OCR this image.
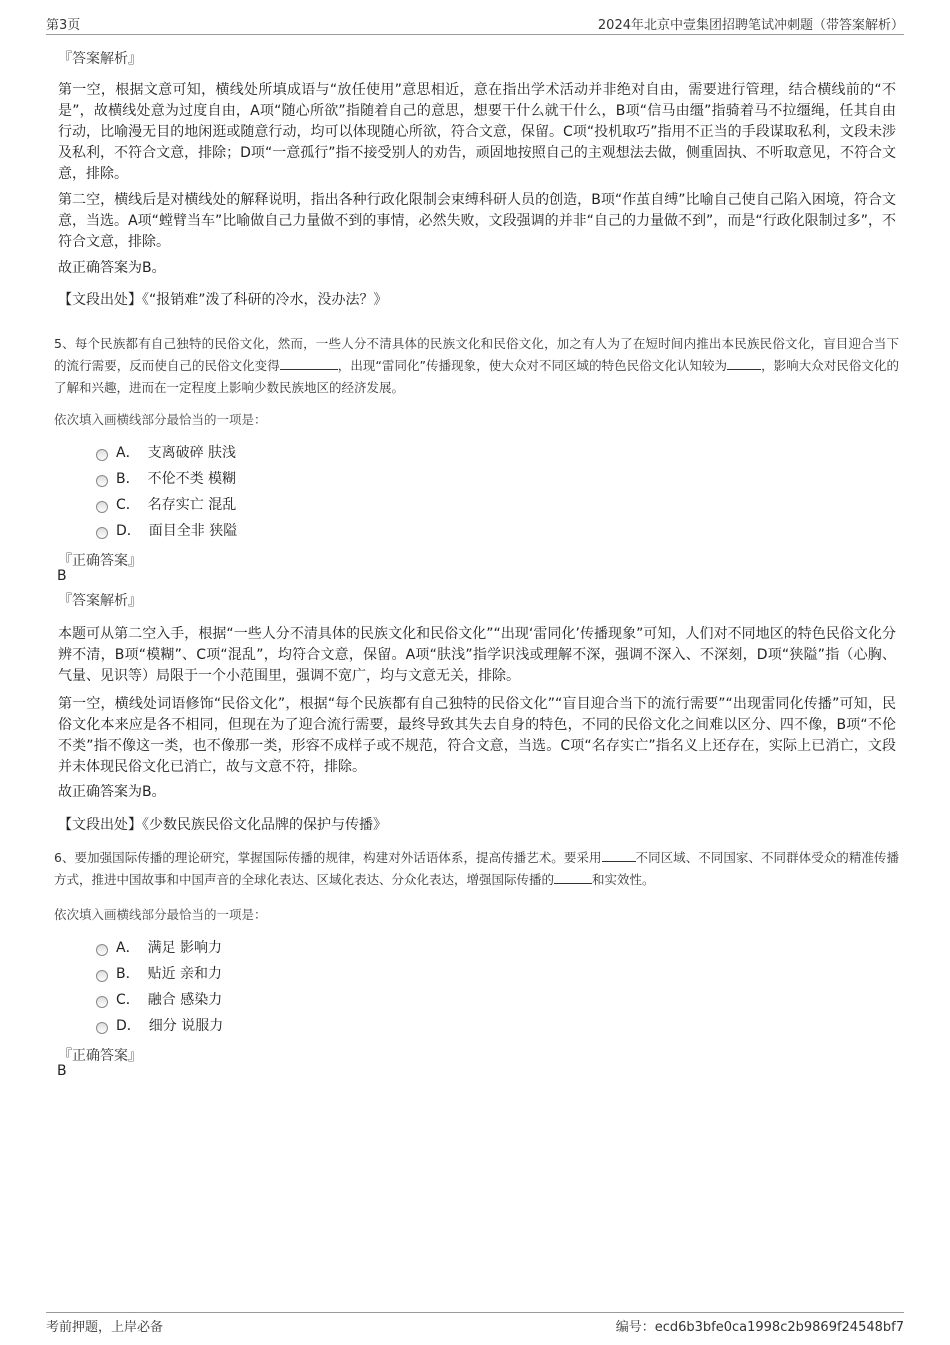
第3页	2024年北京中壹集团招聘笔试冲刺题（带答案解析）
『答案解析』
第一空，根据文意可知，横线处所填成语与“放任使用”意思相近，意在指出学术活动并非绝对自由，需要进行管理，结合横线前的“不是”，故横线处意为过度自由，A项“随心所欲”指随着自己的意思，想要干什么就干什么，B项“信马由缰”指骑着马不拉缰绳，任其自由行动，比喻漫无目的地闲逛或随意行动，均可以体现随心所欲，符合文意，保留。C项“投机取巧”指用不正当的手段谋取私利，文段未涉及私利，不符合文意，排除；D项“一意孤行”指不接受别人的劝告，顽固地按照自己的主观想法去做，侧重固执、不听取意见，不符合文意，排除。
第二空，横线后是对横线处的解释说明，指出各种行政化限制会束缚科研人员的创造，B项“作茧自缚”比喻自己使自己陷入困境，符合文意，当选。A项“螳臂当车”比喻做自己力量做不到的事情，必然失败，文段强调的并非“自己的力量做不到”，而是“行政化限制过多”，不符合文意，排除。
故正确答案为B。
【文段出处】《“报销难”泼了科研的冷水，没办法？》
5、每个民族都有自己独特的民俗文化，然而，一些人分不清具体的民族文化和民俗文化，加之有人为了在短时间内推出本民族民俗文化，盲目迎合当下的流行需要，反而使自己的民俗文化变得	，出现“雷同化”传播现象，使大众对不同区域的特色民俗文化认知较为	，影响大众对民俗文化的了解和兴趣，进而在一定程度上影响少数民族地区的经济发展。
依次填入画横线部分最恰当的一项是：
A． 支离破碎 肤浅
B． 不伦不类 模糊
C． 名存实亡 混乱
D． 面目全非 狭隘
『正确答案』
B
『答案解析』
本题可从第二空入手，根据“一些人分不清具体的民族文化和民俗文化”“出现‘雷同化’传播现象”可知，人们对不同地区的特色民俗文化分辨不清，B项“模糊”、C项“混乱”，均符合文意，保留。A项“肤浅”指学识浅或理解不深，强调不深入、不深刻，D项“狭隘”指（心胸、气量、见识等）局限于一个小范围里，强调不宽广，均与文意无关，排除。
第一空，横线处词语修饰“民俗文化”，根据“每个民族都有自己独特的民俗文化”“盲目迎合当下的流行需要”“出现雷同化传播”可知，民俗文化本来应是各不相同，但现在为了迎合流行需要，最终导致其失去自身的特色，不同的民俗文化之间难以区分、四不像，B项“不伦不类”指不像这一类，也不像那一类，形容不成样子或不规范，符合文意，当选。C项“名存实亡”指名义上还存在，实际上已消亡，文段并未体现民俗文化已消亡，故与文意不符，排除。
故正确答案为B。
【文段出处】《少数民族民俗文化品牌的保护与传播》
6、要加强国际传播的理论研究，掌握国际传播的规律，构建对外话语体系，提高传播艺术。要采用	不同区域、不同国家、不同群体受众的精准传播方式，推进中国故事和中国声音的全球化表达、区域化表达、分众化表达，增强国际传播的	和实效性。
依次填入画横线部分最恰当的一项是：
A． 满足 影响力
B． 贴近 亲和力
C． 融合 感染力
D． 细分 说服力
『正确答案』
B
考前押题，上岸必备	编号：ecd6b3bfe0ca1998c2b9869f24548bf7
